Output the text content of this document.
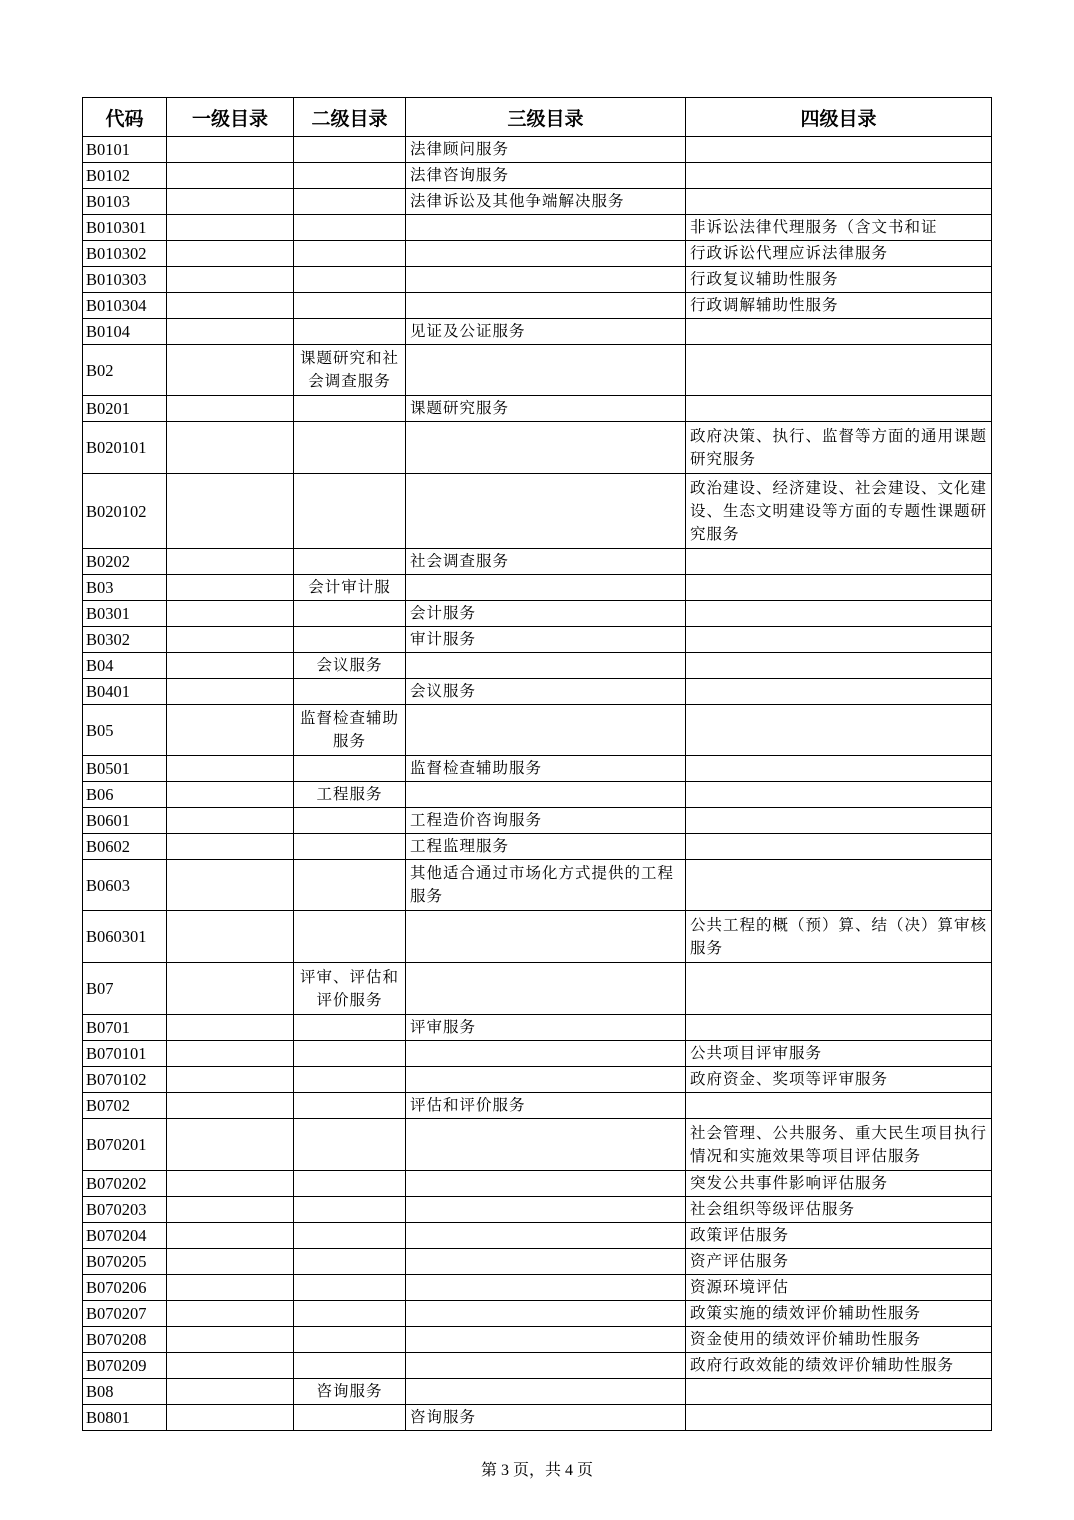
代码	一级目录	二级目录	三级目录	四级目录
B0101			法律顾问服务	
B0102			法律咨询服务	
B0103			法律诉讼及其他争端解决服务	
B010301				非诉讼法律代理服务（含文书和证
B010302				行政诉讼代理应诉法律服务
B010303				行政复议辅助性服务
B010304				行政调解辅助性服务
B0104			见证及公证服务	
B02		课题研究和社会调查服务		
B0201			课题研究服务	
B020101				政府决策、执行、监督等方面的通用课题研究服务
B020102				政治建设、经济建设、社会建设、文化建设、生态文明建设等方面的专题性课题研究服务
B0202			社会调查服务	
B03		会计审计服		
B0301			会计服务	
B0302			审计服务	
B04		会议服务		
B0401			会议服务	
B05		监督检查辅助服务		
B0501			监督检查辅助服务	
B06		工程服务		
B0601			工程造价咨询服务	
B0602			工程监理服务	
B0603			其他适合通过市场化方式提供的工程服务	
B060301				公共工程的概（预）算、结（决）算审核服务
B07		评审、评估和评价服务		
B0701			评审服务	
B070101				公共项目评审服务
B070102				政府资金、奖项等评审服务
B0702			评估和评价服务	
B070201				社会管理、公共服务、重大民生项目执行情况和实施效果等项目评估服务
B070202				突发公共事件影响评估服务
B070203				社会组织等级评估服务
B070204				政策评估服务
B070205				资产评估服务
B070206				资源环境评估
B070207				政策实施的绩效评价辅助性服务
B070208				资金使用的绩效评价辅助性服务
B070209				政府行政效能的绩效评价辅助性服务
B08		咨询服务		
B0801			咨询服务	
第 3 页，共 4 页
